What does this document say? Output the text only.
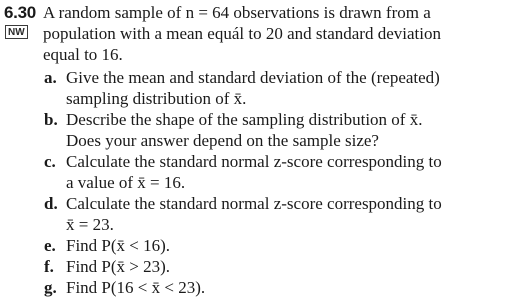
6.30
NW
A random sample of n = 64 observations is drawn from a
population with a mean equál to 20 and standard deviation
equal to 16.
a. Give the mean and standard deviation of the (repeated)
sampling distribution of x̄.
b. Describe the shape of the sampling distribution of x̄.
Does your answer depend on the sample size?
c. Calculate the standard normal z-score corresponding to
a value of x̄ = 16.
d. Calculate the standard normal z-score corresponding to
x̄ = 23.
e. Find P(x̄ < 16).
f. Find P(x̄ > 23).
g. Find P(16 < x̄ < 23).
